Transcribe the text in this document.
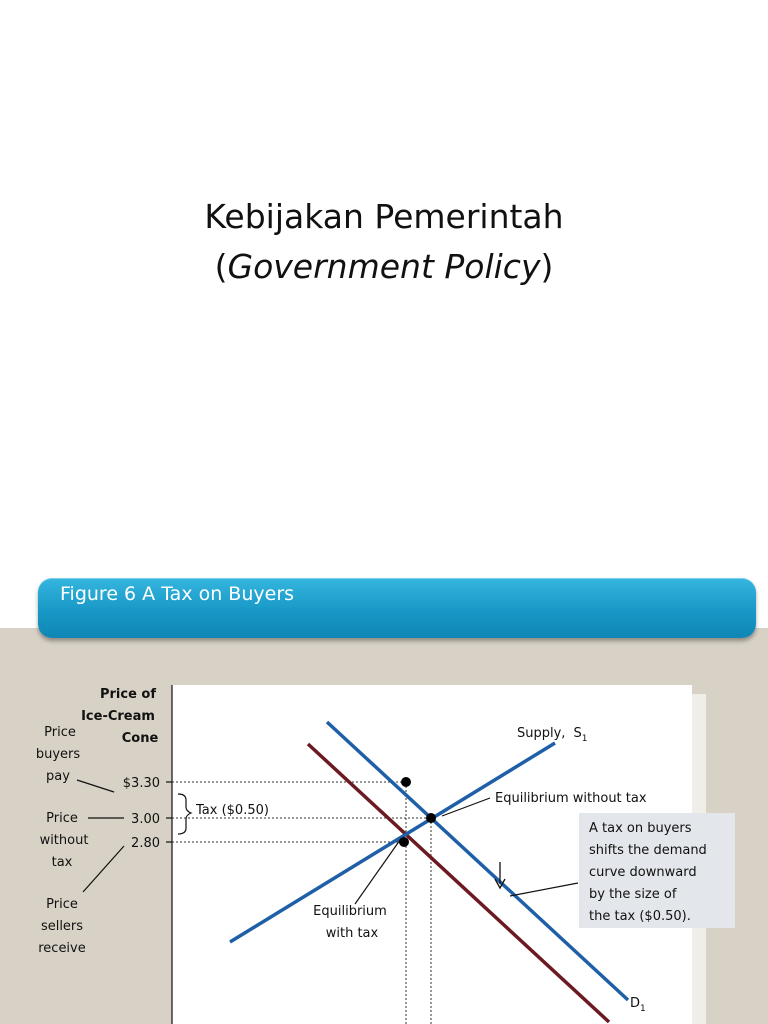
Kebijakan Pemerintah
(Government Policy)
Figure 6 A Tax on Buyers
Price of
Ice-Cream
Cone
$3.30
3.00
2.80
Price
buyers
pay
Price
without
tax
Price
sellers
receive
Tax ($0.50)
Supply, $S_1$
$D_1$
Equilibrium without tax
Equilibrium
with tax
A tax on buyers
shifts the demand
curve downward
by the size of
the tax ($0.50).
